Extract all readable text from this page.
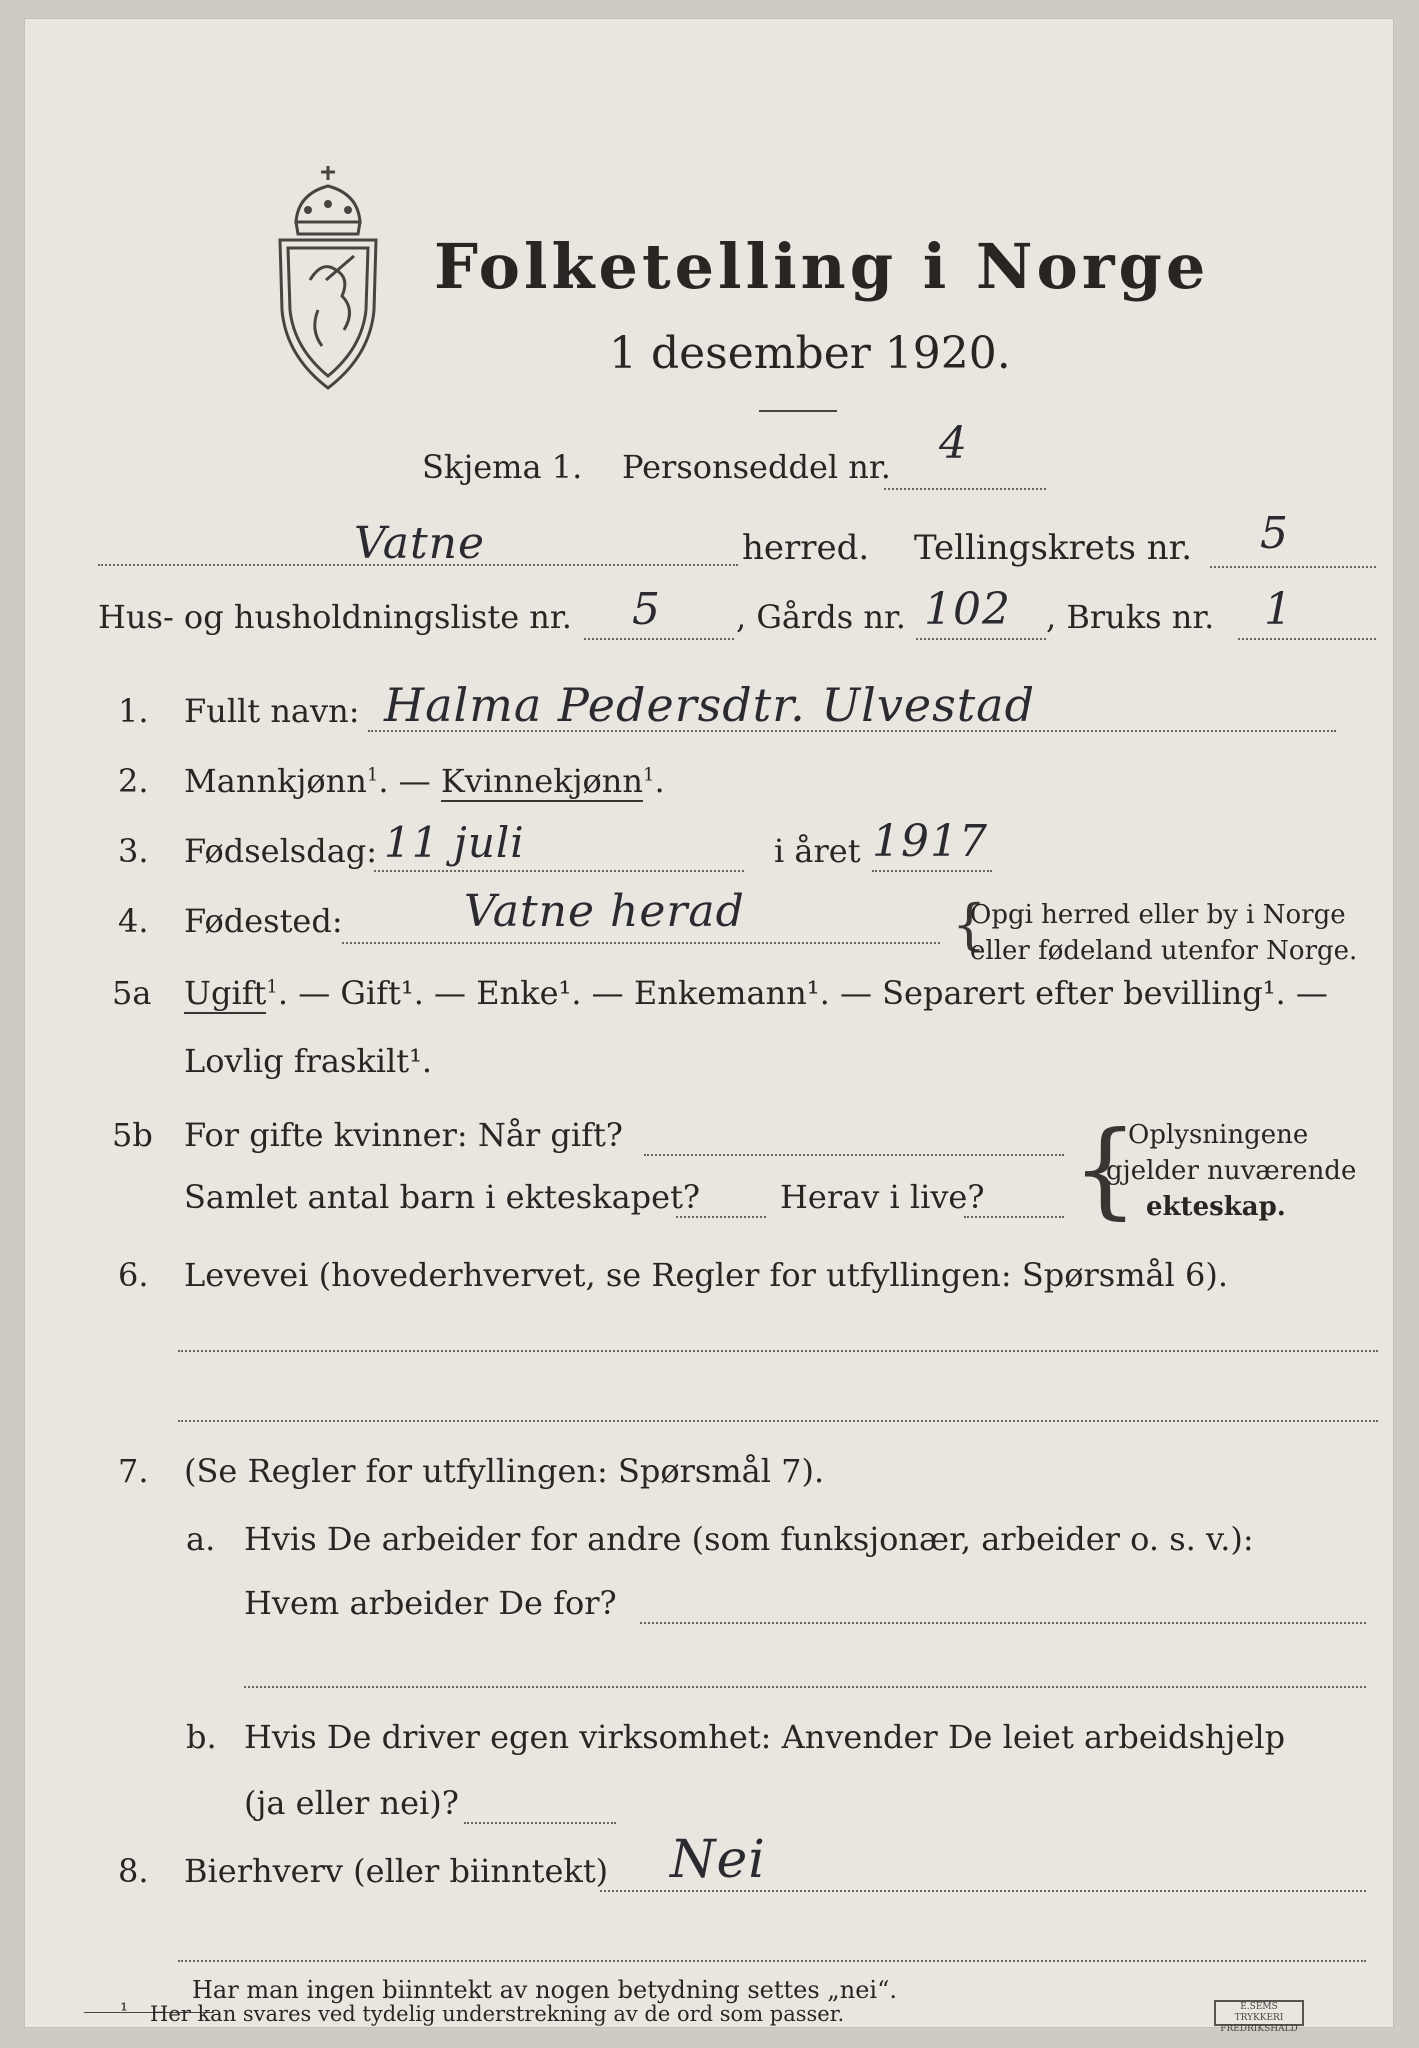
Folketelling i Norge
1 desember 1920.
Skjema 1. Personseddel nr. 4
Vatne	herred. Tellingskrets nr. 5
Hus- og husholdningsliste nr. 5 , Gårds nr. 102 , Bruks nr. 1
1. Fullt navn: Halma Pedersdtr. Ulvestad
2. Mannkjønn$^1$. — Kvinnekjønn$^1$.
3. Fødselsdag: 11 juli	i året 1917
4. Fødested:	Vatne herad	{
Opgi herred eller by i Norge
eller fødeland utenfor Norge.
5a Ugift$^1$. — Gift¹. — Enke¹. — Enkemann¹. — Separert efter bevilling¹. —
Lovlig fraskilt¹.
5b For gifte kvinner: Når gift?
Samlet antal barn i ekteskapet? Herav i live? {
Oplysningene
gjelder nuværende
ekteskap.
6. Levevei (hovederhvervet, se Regler for utfyllingen: Spørsmål 6).
7. (Se Regler for utfyllingen: Spørsmål 7).
a. Hvis De arbeider for andre (som funksjonær, arbeider o. s. v.):
Hvem arbeider De for?
b. Hvis De driver egen virksomhet: Anvender De leiet arbeidshjelp
(ja eller nei)?
8. Bierhverv (eller biinntekt) Nei
Har man ingen biinntekt av nogen betydning settes „nei“.
¹ Her kan svares ved tydelig understrekning av de ord som passer.	E.SEMS TRYKKERI
FREDRIKSHALD
